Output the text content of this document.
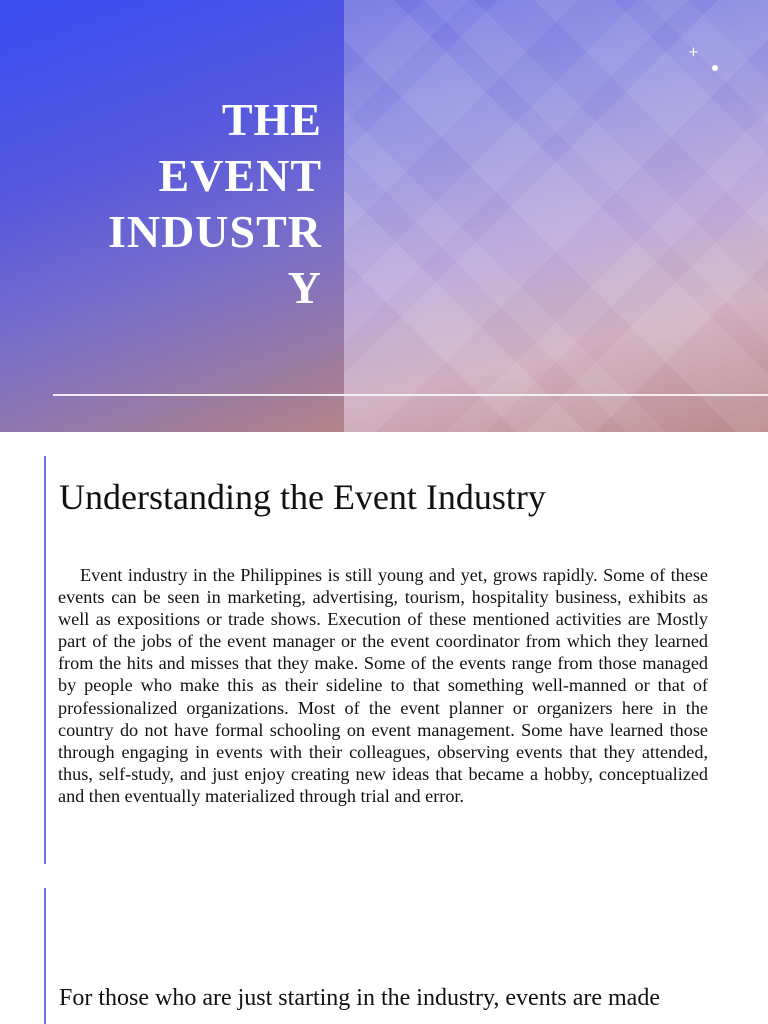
THE
EVENT
INDUSTR
Y
+
Understanding the Event Industry

Event industry in the Philippines is still young and yet, grows rapidly. Some of these events can be seen in marketing, advertising, tourism, hospitality business, exhibits as well as expositions or trade shows. Execution of these mentioned activities are Mostly part of the jobs of the event manager or the event coordinator from which they learned from the hits and misses that they make. Some of the events range from those managed by people who make this as their sideline to that something well-manned or that of professionalized organizations. Most of the event planner or organizers here in the country do not have formal schooling on event management. Some have learned those through engaging in events with their colleagues, observing events that they attended, thus, self-study, and just enjoy creating new ideas that became a hobby, conceptualized and then eventually materialized through trial and error.

For those who are just starting in the industry, events are made
